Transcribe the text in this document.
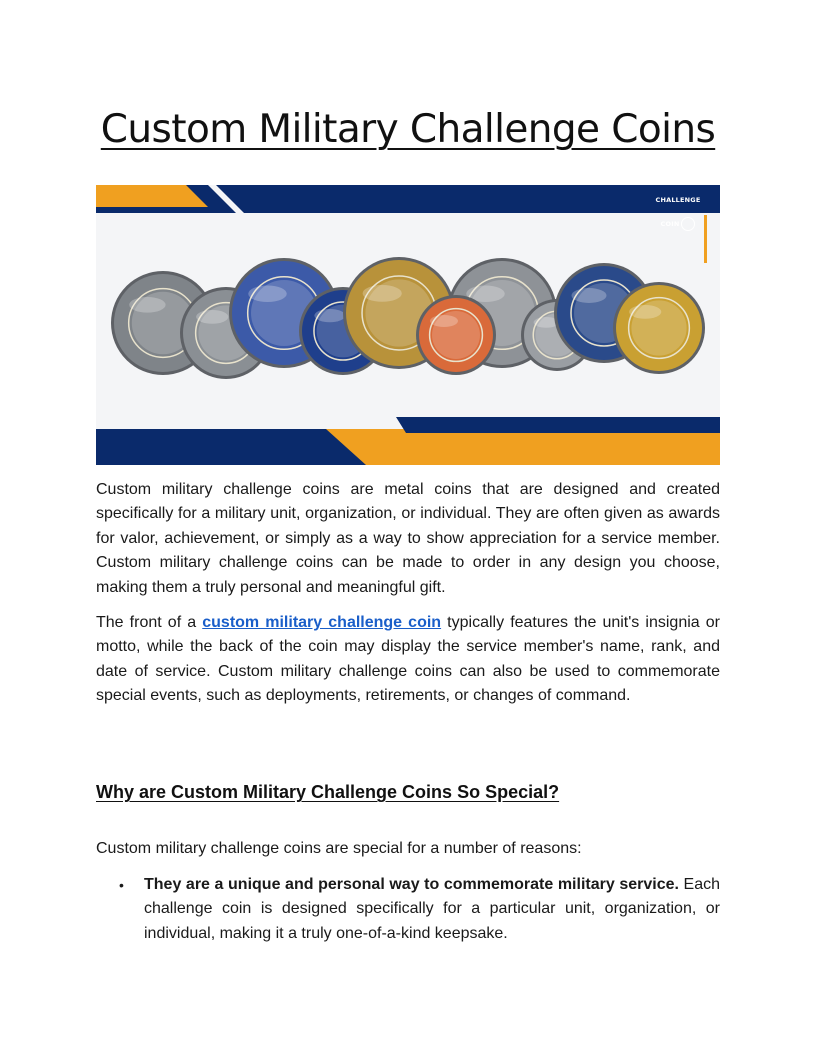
Custom Military Challenge Coins
CHALLENGE COIN

Custom military challenge coins are metal coins that are designed and created specifically for a military unit, organization, or individual. They are often given as awards for valor, achievement, or simply as a way to show appreciation for a service member. Custom military challenge coins can be made to order in any design you choose, making them a truly personal and meaningful gift.

The front of a custom military challenge coin typically features the unit's insignia or motto, while the back of the coin may display the service member's name, rank, and date of service. Custom military challenge coins can also be used to commemorate special events, such as deployments, retirements, or changes of command.

Why are Custom Military Challenge Coins So Special?

Custom military challenge coins are special for a number of reasons:

• They are a unique and personal way to commemorate military service. Each challenge coin is designed specifically for a particular unit, organization, or individual, making it a truly one-of-a-kind keepsake.
